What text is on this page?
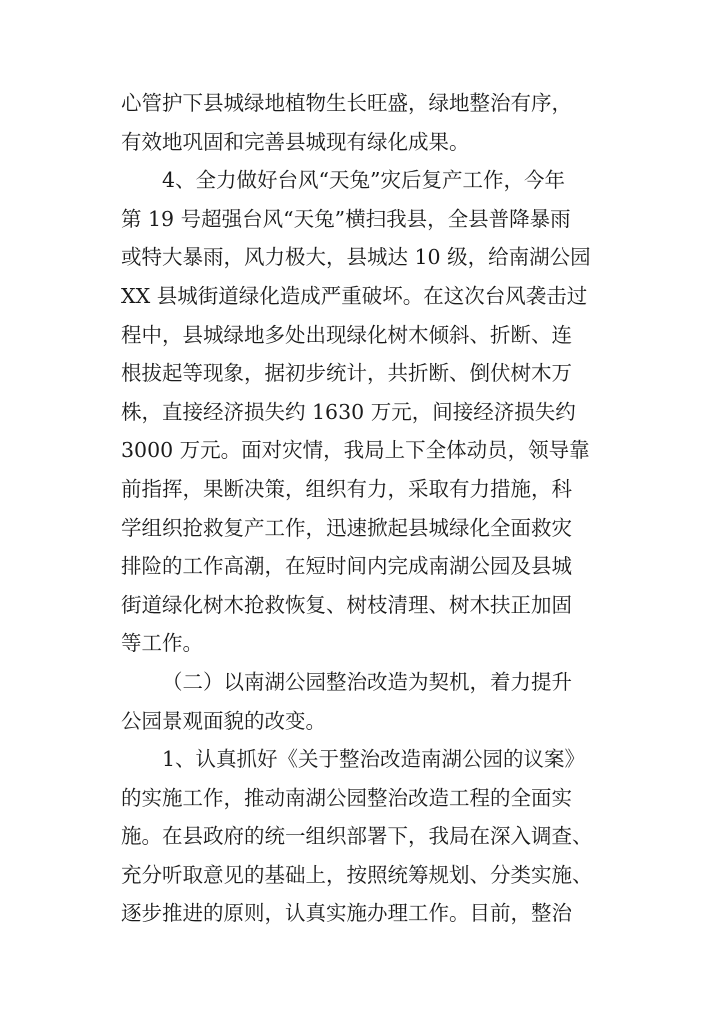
心管护下县城绿地植物生长旺盛，绿地整治有序，
有效地巩固和完善县城现有绿化成果。
4、全力做好台风“天兔”灾后复产工作，今年
第 19 号超强台风“天兔”横扫我县，全县普降暴雨
或特大暴雨，风力极大，县城达 10 级，给南湖公园
XX 县城街道绿化造成严重破坏。在这次台风袭击过
程中，县城绿地多处出现绿化树木倾斜、折断、连
根拔起等现象，据初步统计，共折断、倒伏树木万
株，直接经济损失约 1630 万元，间接经济损失约
3000 万元。面对灾情，我局上下全体动员，领导靠
前指挥，果断决策，组织有力，采取有力措施，科
学组织抢救复产工作，迅速掀起县城绿化全面救灾
排险的工作高潮，在短时间内完成南湖公园及县城
街道绿化树木抢救恢复、树枝清理、树木扶正加固
等工作。
（二）以南湖公园整治改造为契机，着力提升
公园景观面貌的改变。
1、认真抓好《关于整治改造南湖公园的议案》
的实施工作，推动南湖公园整治改造工程的全面实
施。在县政府的统一组织部署下，我局在深入调查、
充分听取意见的基础上，按照统筹规划、分类实施、
逐步推进的原则，认真实施办理工作。目前，整治
